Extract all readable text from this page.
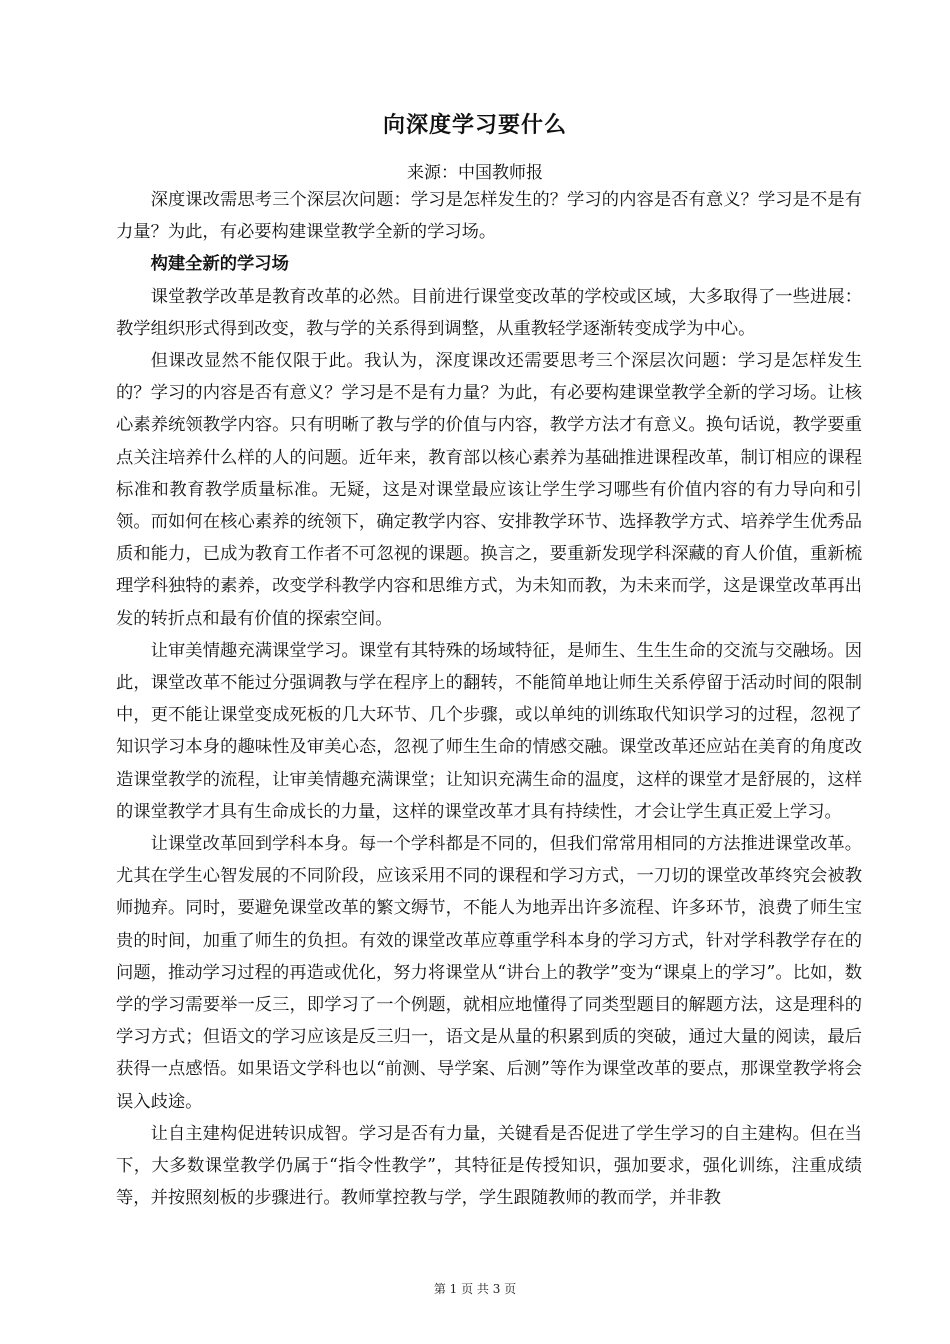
向深度学习要什么

来源：中国教师报

深度课改需思考三个深层次问题：学习是怎样发生的？学习的内容是否有意义？学习是不是有力量？为此，有必要构建课堂教学全新的学习场。

构建全新的学习场

课堂教学改革是教育改革的必然。目前进行课堂变改革的学校或区域，大多取得了一些进展：教学组织形式得到改变，教与学的关系得到调整，从重教轻学逐渐转变成学为中心。

但课改显然不能仅限于此。我认为，深度课改还需要思考三个深层次问题：学习是怎样发生的？学习的内容是否有意义？学习是不是有力量？为此，有必要构建课堂教学全新的学习场。让核心素养统领教学内容。只有明晰了教与学的价值与内容，教学方法才有意义。换句话说，教学要重点关注培养什么样的人的问题。近年来，教育部以核心素养为基础推进课程改革，制订相应的课程标准和教育教学质量标准。无疑，这是对课堂最应该让学生学习哪些有价值内容的有力导向和引领。而如何在核心素养的统领下，确定教学内容、安排教学环节、选择教学方式、培养学生优秀品质和能力，已成为教育工作者不可忽视的课题。换言之，要重新发现学科深藏的育人价值，重新梳理学科独特的素养，改变学科教学内容和思维方式，为未知而教，为未来而学，这是课堂改革再出发的转折点和最有价值的探索空间。

让审美情趣充满课堂学习。课堂有其特殊的场域特征，是师生、生生生命的交流与交融场。因此，课堂改革不能过分强调教与学在程序上的翻转，不能简单地让师生关系停留于活动时间的限制中，更不能让课堂变成死板的几大环节、几个步骤，或以单纯的训练取代知识学习的过程，忽视了知识学习本身的趣味性及审美心态，忽视了师生生命的情感交融。课堂改革还应站在美育的角度改造课堂教学的流程，让审美情趣充满课堂；让知识充满生命的温度，这样的课堂才是舒展的，这样的课堂教学才具有生命成长的力量，这样的课堂改革才具有持续性，才会让学生真正爱上学习。

让课堂改革回到学科本身。每一个学科都是不同的，但我们常常用相同的方法推进课堂改革。尤其在学生心智发展的不同阶段，应该采用不同的课程和学习方式，一刀切的课堂改革终究会被教师抛弃。同时，要避免课堂改革的繁文缛节，不能人为地弄出许多流程、许多环节，浪费了师生宝贵的时间，加重了师生的负担。有效的课堂改革应尊重学科本身的学习方式，针对学科教学存在的问题，推动学习过程的再造或优化，努力将课堂从“讲台上的教学”变为“课桌上的学习”。比如，数学的学习需要举一反三，即学习了一个例题，就相应地懂得了同类型题目的解题方法，这是理科的学习方式；但语文的学习应该是反三归一，语文是从量的积累到质的突破，通过大量的阅读，最后获得一点感悟。如果语文学科也以“前测、导学案、后测”等作为课堂改革的要点，那课堂教学将会误入歧途。

让自主建构促进转识成智。学习是否有力量，关键看是否促进了学生学习的自主建构。但在当下，大多数课堂教学仍属于“指令性教学”，其特征是传授知识，强加要求，强化训练，注重成绩等，并按照刻板的步骤进行。教师掌控教与学，学生跟随教师的教而学，并非教

第 1 页 共 3 页
